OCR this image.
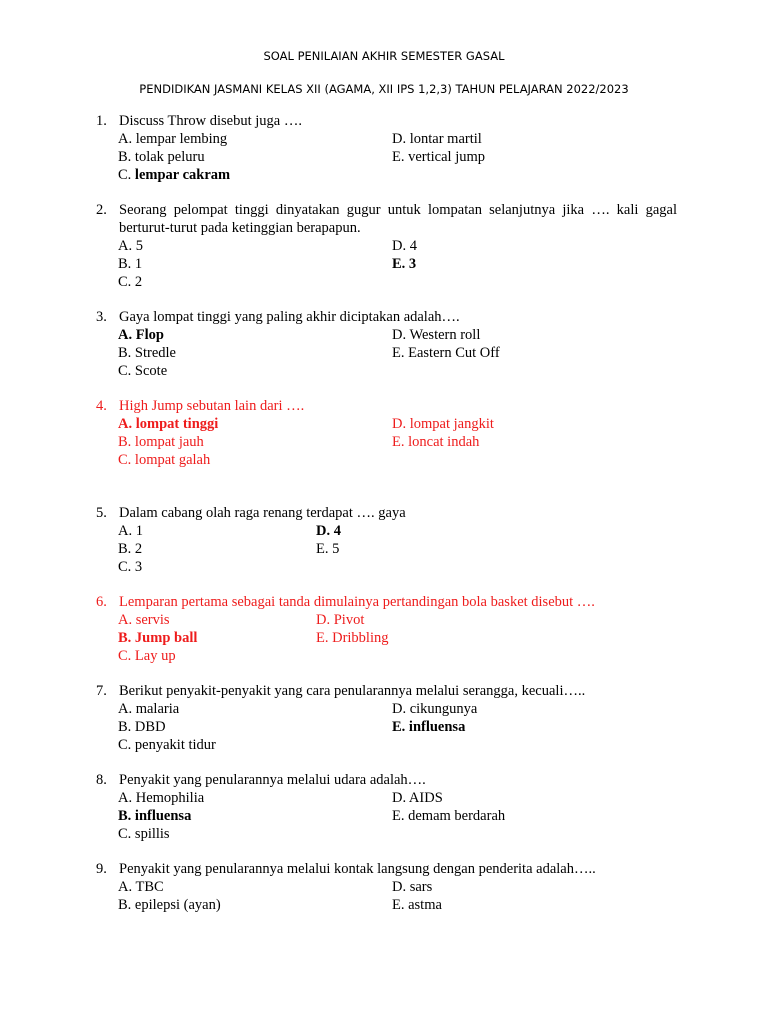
SOAL PENILAIAN AKHIR SEMESTER GASAL
PENDIDIKAN JASMANI KELAS XII (AGAMA, XII IPS 1,2,3) TAHUN PELAJARAN 2022/2023
1. Discuss Throw disebut juga ….
A. lempar lembing
B. tolak peluru
C. lempar cakram
D. lontar martil
E. vertical jump
2. Seorang pelompat tinggi dinyatakan gugur untuk lompatan selanjutnya jika …. kali gagal berturut-turut pada ketinggian berapapun.
A. 5
B. 1
C. 2
D. 4
E. 3
3. Gaya lompat tinggi yang paling akhir diciptakan adalah….
A. Flop
B. Stredle
C. Scote
D. Western roll
E. Eastern Cut Off
4. High Jump sebutan lain dari ….
A. lompat tinggi
B. lompat jauh
C. lompat galah
D. lompat jangkit
E. loncat indah
5. Dalam cabang olah raga renang terdapat …. gaya
A. 1
B. 2
C. 3
D. 4
E. 5
6. Lemparan pertama sebagai tanda dimulainya pertandingan bola basket disebut ….
A. servis
B. Jump ball
C. Lay up
D. Pivot
E. Dribbling
7. Berikut penyakit-penyakit yang cara penularannya melalui serangga, kecuali…..
A. malaria
B. DBD
C. penyakit tidur
D. cikungunya
E. influensa
8. Penyakit yang penularannya melalui udara adalah….
A. Hemophilia
B. influensa
C. spillis
D. AIDS
E. demam berdarah
9. Penyakit yang penularannya melalui kontak langsung dengan penderita adalah…..
A. TBC
B. epilepsi (ayan)
D. sars
E. astma
